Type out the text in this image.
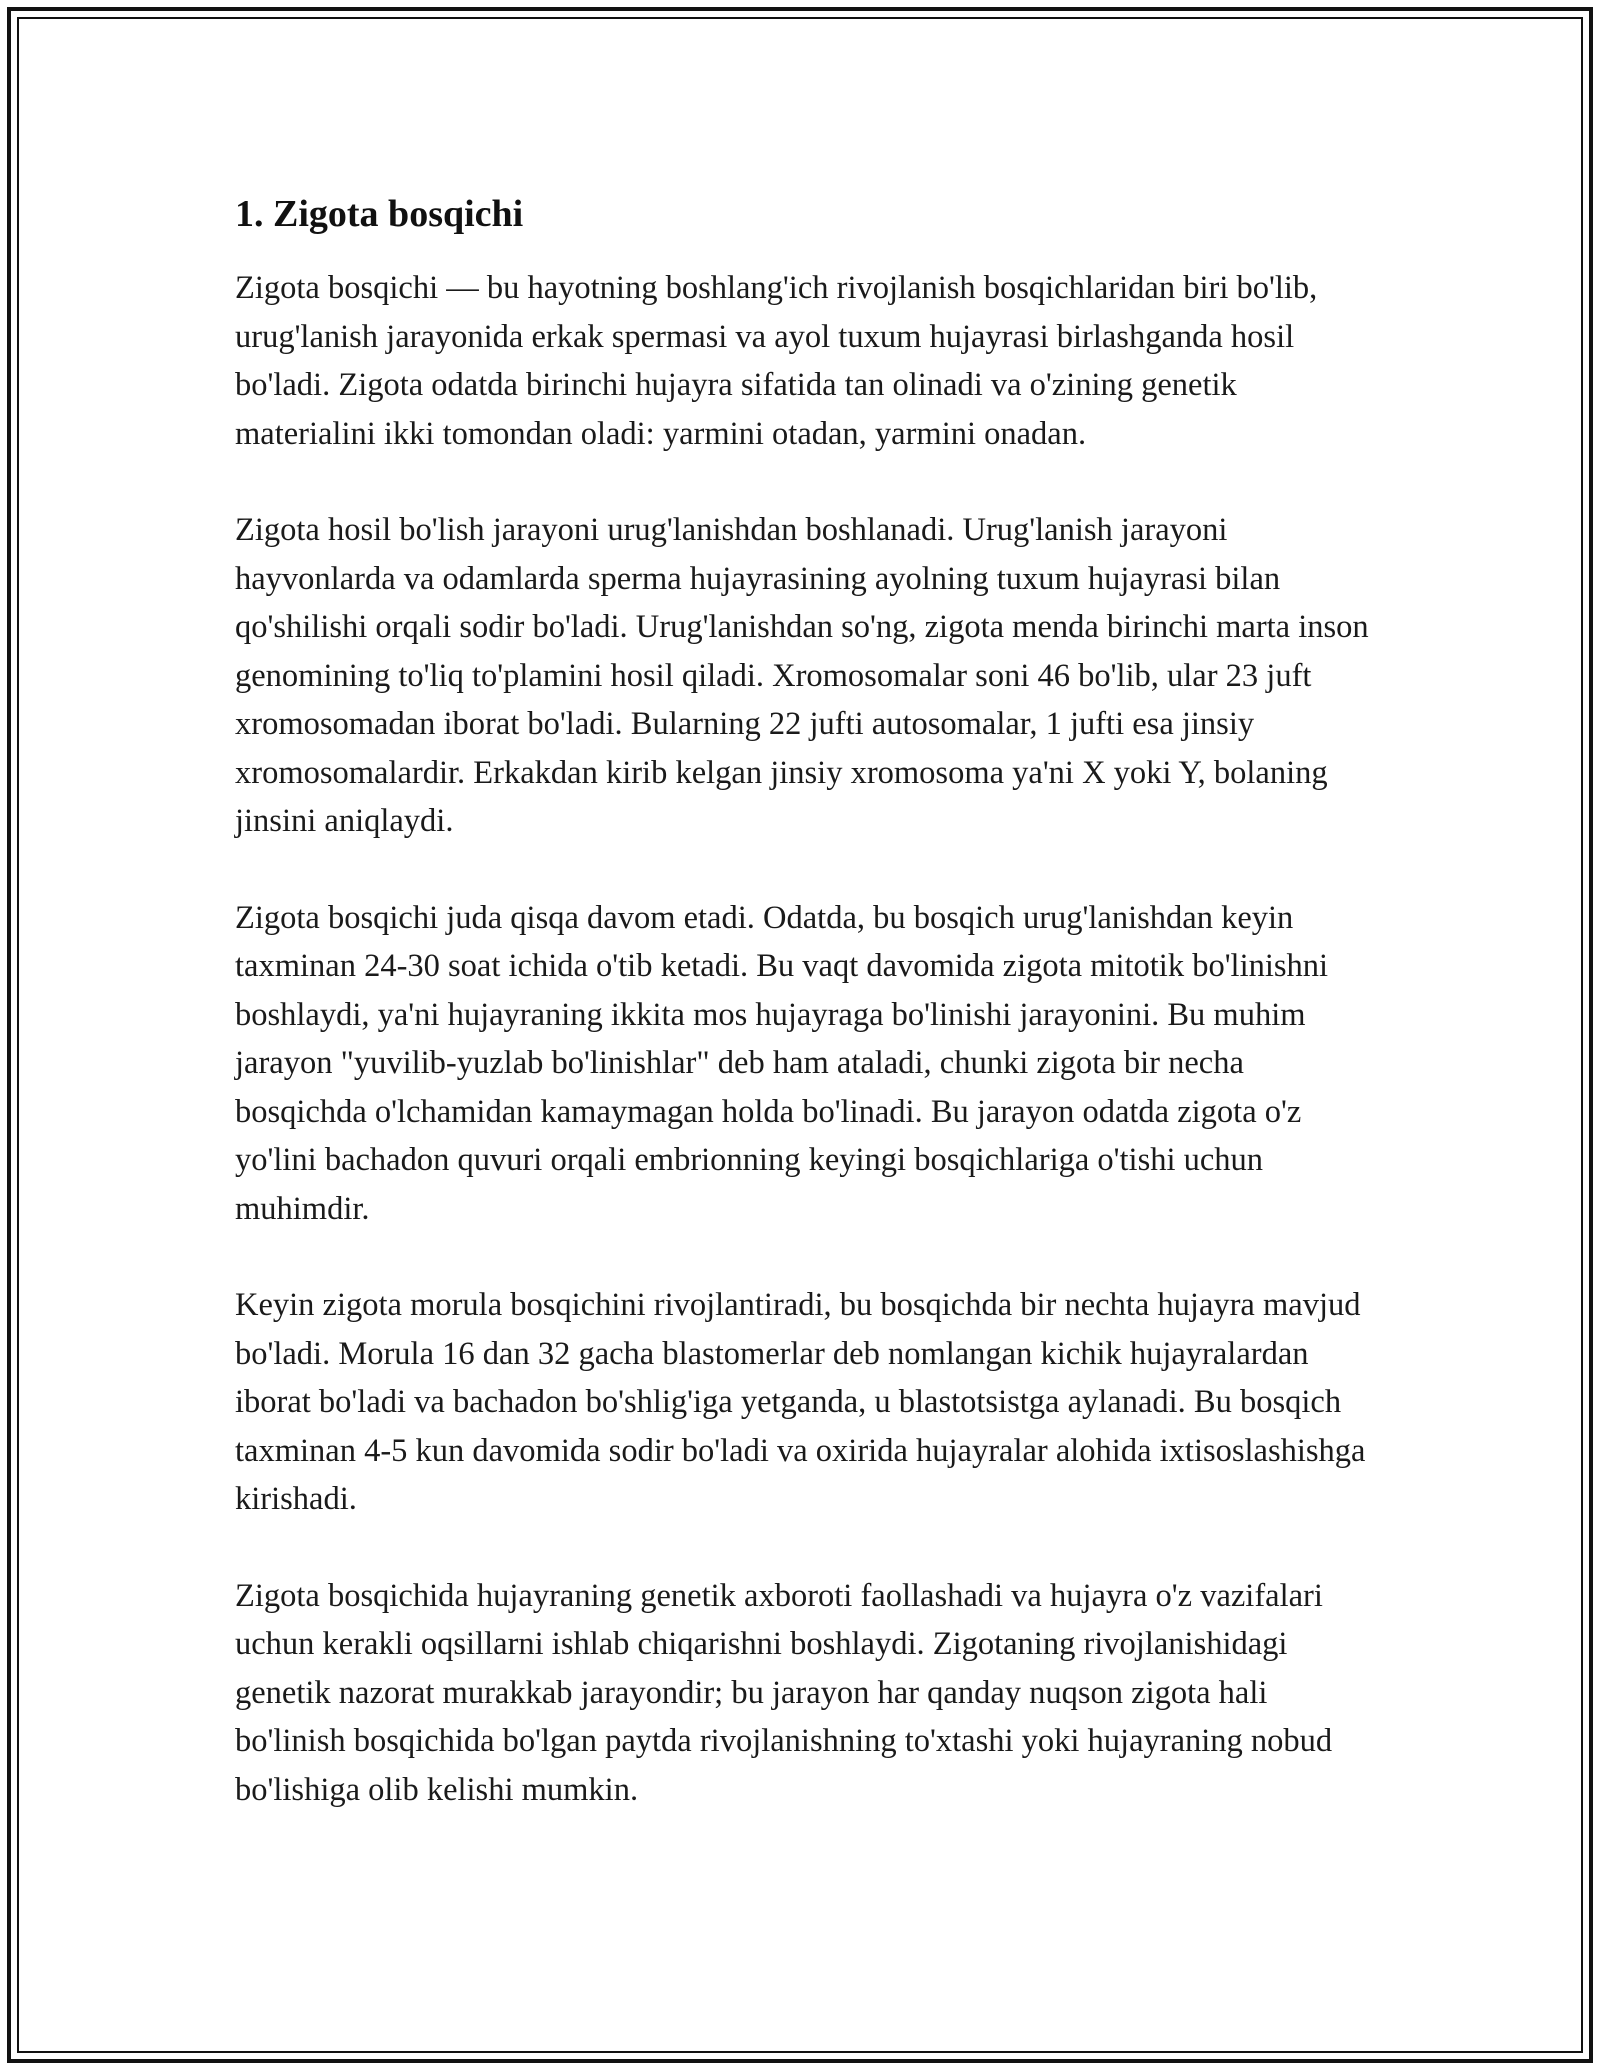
1. Zigota bosqichi

Zigota bosqichi — bu hayotning boshlang'ich rivojlanish bosqichlaridan biri bo'lib, urug'lanish jarayonida erkak spermasi va ayol tuxum hujayrasi birlashganda hosil bo'ladi. Zigota odatda birinchi hujayra sifatida tan olinadi va o'zining genetik materialini ikki tomondan oladi: yarmini otadan, yarmini onadan.

Zigota hosil bo'lish jarayoni urug'lanishdan boshlanadi. Urug'lanish jarayoni hayvonlarda va odamlarda sperma hujayrasining ayolning tuxum hujayrasi bilan qo'shilishi orqali sodir bo'ladi. Urug'lanishdan so'ng, zigota menda birinchi marta inson genomining to'liq to'plamini hosil qiladi. Xromosomalar soni 46 bo'lib, ular 23 juft xromosomadan iborat bo'ladi. Bularning 22 jufti autosomalar, 1 jufti esa jinsiy xromosomalardir. Erkakdan kirib kelgan jinsiy xromosoma ya'ni X yoki Y, bolaning jinsini aniqlaydi.

Zigota bosqichi juda qisqa davom etadi. Odatda, bu bosqich urug'lanishdan keyin taxminan 24-30 soat ichida o'tib ketadi. Bu vaqt davomida zigota mitotik bo'linishni boshlaydi, ya'ni hujayraning ikkita mos hujayraga bo'linishi jarayonini. Bu muhim jarayon "yuvilib-yuzlab bo'linishlar" deb ham ataladi, chunki zigota bir necha bosqichda o'lchamidan kamaymagan holda bo'linadi. Bu jarayon odatda zigota o'z yo'lini bachadon quvuri orqali embrionning keyingi bosqichlariga o'tishi uchun muhimdir.

Keyin zigota morula bosqichini rivojlantiradi, bu bosqichda bir nechta hujayra mavjud bo'ladi. Morula 16 dan 32 gacha blastomerlar deb nomlangan kichik hujayralardan iborat bo'ladi va bachadon bo'shlig'iga yetganda, u blastotsistga aylanadi. Bu bosqich taxminan 4-5 kun davomida sodir bo'ladi va oxirida hujayralar alohida ixtisoslashishga kirishadi.

Zigota bosqichida hujayraning genetik axboroti faollashadi va hujayra o'z vazifalari uchun kerakli oqsillarni ishlab chiqarishni boshlaydi. Zigotaning rivojlanishidagi genetik nazorat murakkab jarayondir; bu jarayon har qanday nuqson zigota hali bo'linish bosqichida bo'lgan paytda rivojlanishning to'xtashi yoki hujayraning nobud bo'lishiga olib kelishi mumkin.
